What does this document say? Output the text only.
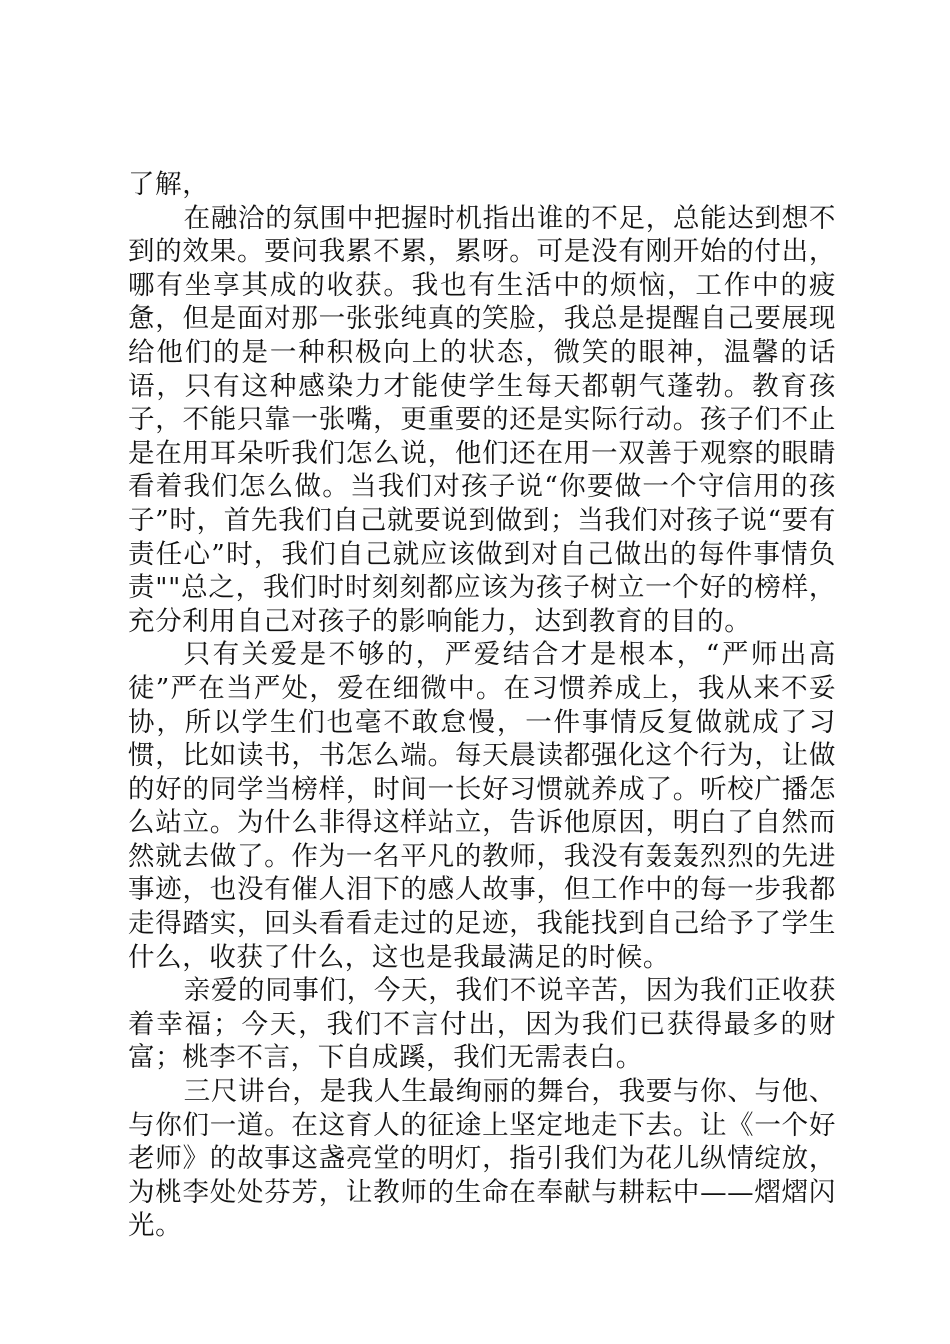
了解，

在融洽的氛围中把握时机指出谁的不足，总能达到想不到的效果。要问我累不累，累呀。可是没有刚开始的付出，哪有坐享其成的收获。我也有生活中的烦恼，工作中的疲惫，但是面对那一张张纯真的笑脸，我总是提醒自己要展现给他们的是一种积极向上的状态，微笑的眼神，温馨的话语，只有这种感染力才能使学生每天都朝气蓬勃。教育孩子，不能只靠一张嘴，更重要的还是实际行动。孩子们不止是在用耳朵听我们怎么说，他们还在用一双善于观察的眼睛看着我们怎么做。当我们对孩子说“你要做一个守信用的孩子”时，首先我们自己就要说到做到；当我们对孩子说“要有责任心”时，我们自己就应该做到对自己做出的每件事情负责""总之，我们时时刻刻都应该为孩子树立一个好的榜样，充分利用自己对孩子的影响能力，达到教育的目的。

只有关爱是不够的，严爱结合才是根本，“严师出高徒”严在当严处，爱在细微中。在习惯养成上，我从来不妥协，所以学生们也毫不敢怠慢，一件事情反复做就成了习惯，比如读书，书怎么端。每天晨读都强化这个行为，让做的好的同学当榜样，时间一长好习惯就养成了。听校广播怎么站立。为什么非得这样站立，告诉他原因，明白了自然而然就去做了。作为一名平凡的教师，我没有轰轰烈烈的先进事迹，也没有催人泪下的感人故事，但工作中的每一步我都走得踏实，回头看看走过的足迹，我能找到自己给予了学生什么，收获了什么，这也是我最满足的时候。

亲爱的同事们，今天，我们不说辛苦，因为我们正收获着幸福；今天，我们不言付出，因为我们已获得最多的财富；桃李不言，下自成蹊，我们无需表白。

三尺讲台，是我人生最绚丽的舞台，我要与你、与他、与你们一道。在这育人的征途上坚定地走下去。让《一个好老师》的故事这盏亮堂的明灯，指引我们为花儿纵情绽放，为桃李处处芬芳，让教师的生命在奉献与耕耘中——熠熠闪光。
